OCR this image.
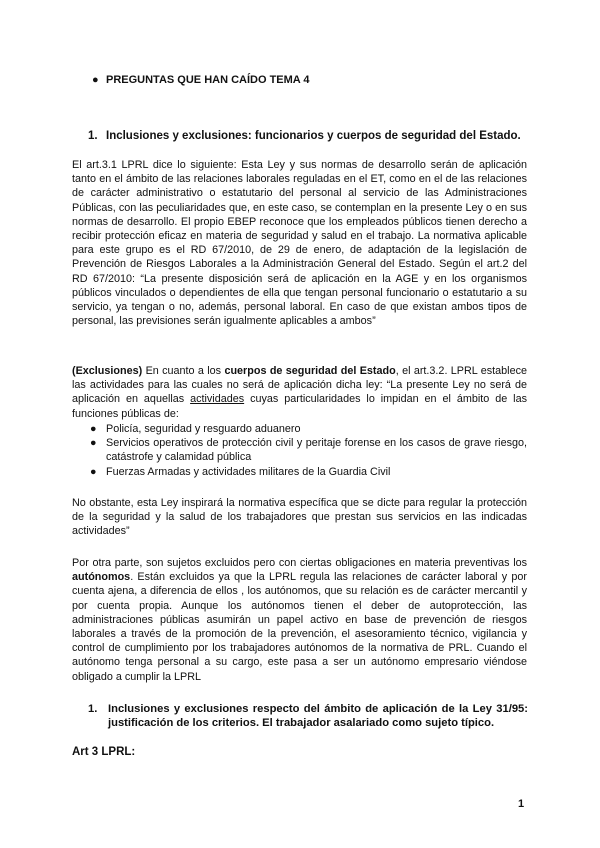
● PREGUNTAS QUE HAN CAÍDO TEMA 4
1. Inclusiones y exclusiones: funcionarios y cuerpos de seguridad del Estado.

El art.3.1 LPRL dice lo siguiente: Esta Ley y sus normas de desarrollo serán de aplicación tanto en el ámbito de las relaciones laborales reguladas en el ET, como en el de las relaciones de carácter administrativo o estatutario del personal al servicio de las Administraciones Públicas, con las peculiaridades que, en este caso, se contemplan en la presente Ley o en sus normas de desarrollo. El propio EBEP reconoce que los empleados públicos tienen derecho a recibir protección eficaz en materia de seguridad y salud en el trabajo. La normativa aplicable para este grupo es el RD 67/2010, de 29 de enero, de adaptación de la legislación de Prevención de Riesgos Laborales a la Administración General del Estado. Según el art.2 del RD 67/2010: “La presente disposición será de aplicación en la AGE y en los organismos públicos vinculados o dependientes de ella que tengan personal funcionario o estatutario a su servicio, ya tengan o no, además, personal laboral. En caso de que existan ambos tipos de personal, las previsiones serán igualmente aplicables a ambos”

(Exclusiones) En cuanto a los cuerpos de seguridad del Estado, el art.3.2. LPRL establece las actividades para las cuales no será de aplicación dicha ley: “La presente Ley no será de aplicación en aquellas actividades cuyas particularidades lo impidan en el ámbito de las funciones públicas de:

● Policía, seguridad y resguardo aduanero
● Servicios operativos de protección civil y peritaje forense en los casos de grave riesgo, catástrofe y calamidad pública
● Fuerzas Armadas y actividades militares de la Guardia Civil

No obstante, esta Ley inspirará la normativa específica que se dicte para regular la protección de la seguridad y la salud de los trabajadores que prestan sus servicios en las indicadas actividades”

Por otra parte, son sujetos excluidos pero con ciertas obligaciones en materia preventivas los autónomos. Están excluidos ya que la LPRL regula las relaciones de carácter laboral y por cuenta ajena, a diferencia de ellos , los autónomos, que su relación es de carácter mercantil y por cuenta propia. Aunque los autónomos tienen el deber de autoprotección, las administraciones públicas asumirán un papel activo en base de prevención de riesgos laborales a través de la promoción de la prevención, el asesoramiento técnico, vigilancia y control de cumplimiento por los trabajadores autónomos de la normativa de PRL. Cuando el autónomo tenga personal a su cargo, este pasa a ser un autónomo empresario viéndose obligado a cumplir la LPRL

1. Inclusiones y exclusiones respecto del ámbito de aplicación de la Ley 31/95: justificación de los criterios. El trabajador asalariado como sujeto típico.
Art 3 LPRL:
1
